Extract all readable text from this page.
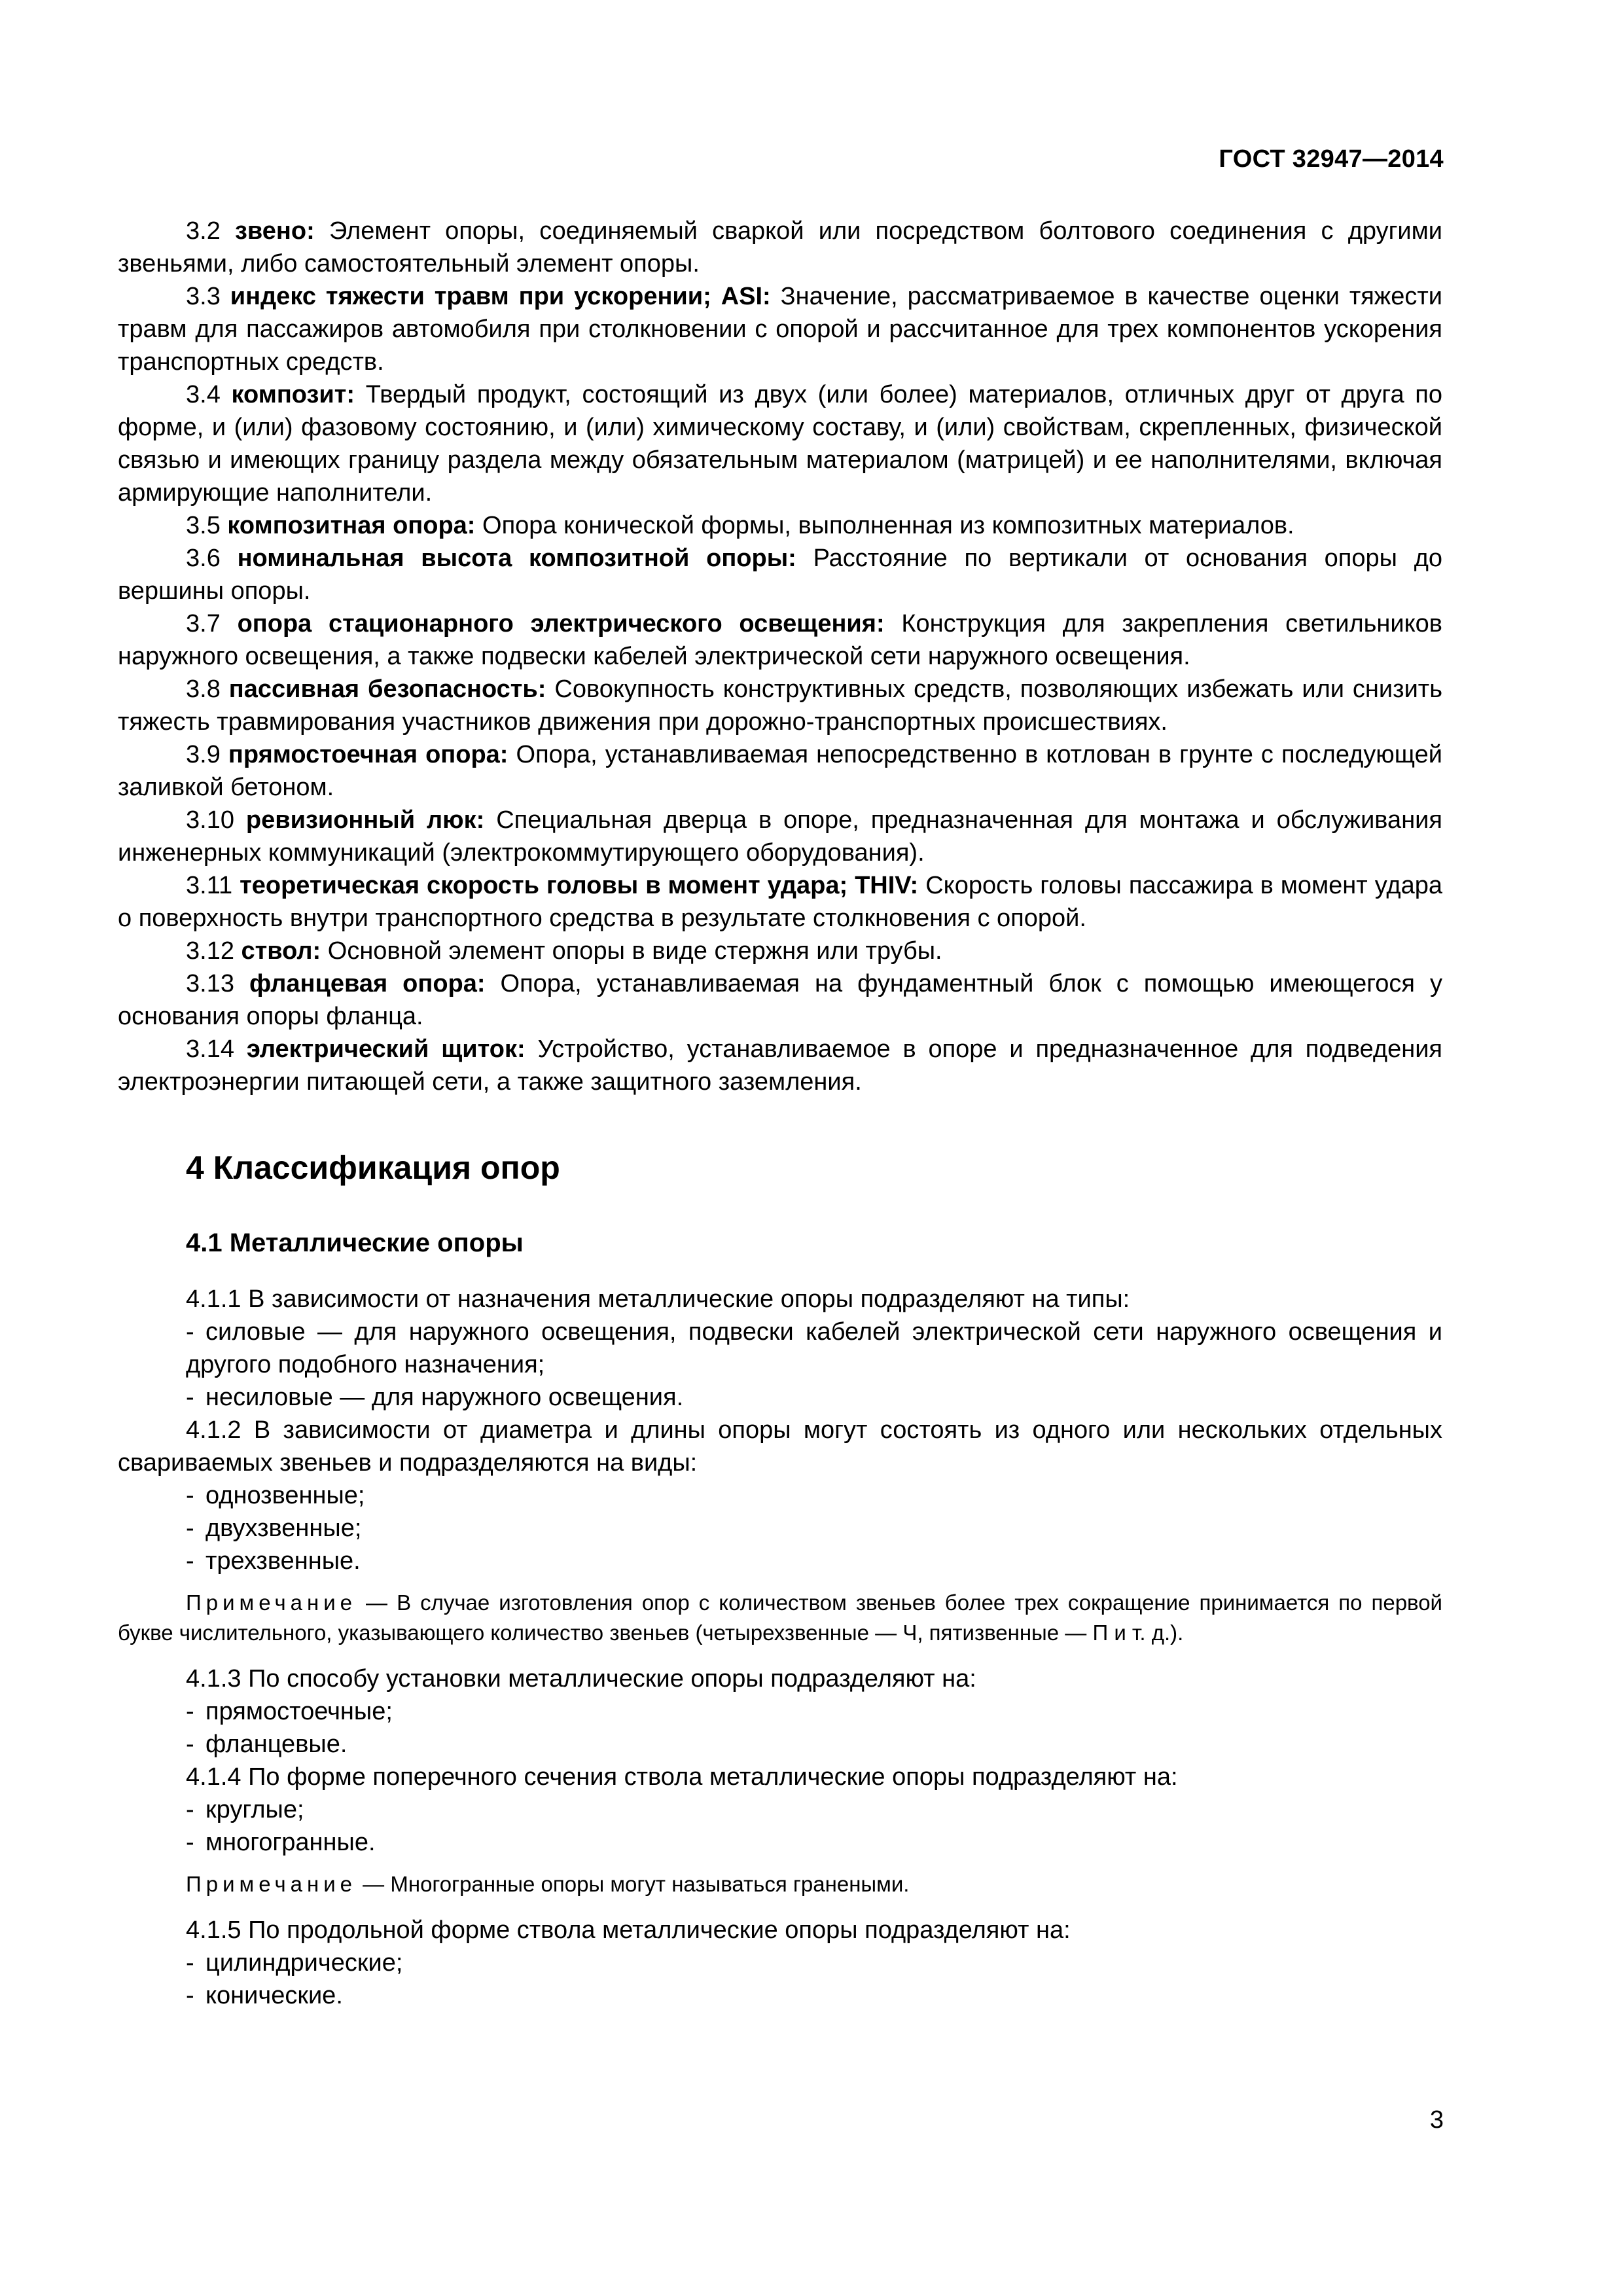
ГОСТ 32947—2014

3.2 звено: Элемент опоры, соединяемый сваркой или посредством болтового соединения с другими звеньями, либо самостоятельный элемент опоры.

3.3 индекс тяжести травм при ускорении; ASI: Значение, рассматриваемое в качестве оценки тяжести травм для пассажиров автомобиля при столкновении с опорой и рассчитанное для трех компонентов ускорения транспортных средств.

3.4 композит: Твердый продукт, состоящий из двух (или более) материалов, отличных друг от друга по форме, и (или) фазовому состоянию, и (или) химическому составу, и (или) свойствам, скрепленных, физической связью и имеющих границу раздела между обязательным материалом (матрицей) и ее наполнителями, включая армирующие наполнители.

3.5 композитная опора: Опора конической формы, выполненная из композитных материалов.

3.6 номинальная высота композитной опоры: Расстояние по вертикали от основания опоры до вершины опоры.

3.7 опора стационарного электрического освещения: Конструкция для закрепления светильников наружного освещения, а также подвески кабелей электрической сети наружного освещения.

3.8 пассивная безопасность: Совокупность конструктивных средств, позволяющих избежать или снизить тяжесть травмирования участников движения при дорожно-транспортных происшествиях.

3.9 прямостоечная опора: Опора, устанавливаемая непосредственно в котлован в грунте с последующей заливкой бетоном.

3.10 ревизионный люк: Специальная дверца в опоре, предназначенная для монтажа и обслуживания инженерных коммуникаций (электрокоммутирующего оборудования).

3.11 теоретическая скорость головы в момент удара; THIV: Скорость головы пассажира в момент удара о поверхность внутри транспортного средства в результате столкновения с опорой.

3.12 ствол: Основной элемент опоры в виде стержня или трубы.

3.13 фланцевая опора: Опора, устанавливаемая на фундаментный блок с помощью имеющегося у основания опоры фланца.

3.14 электрический щиток: Устройство, устанавливаемое в опоре и предназначенное для подведения электроэнергии питающей сети, а также защитного заземления.

4 Классификация опор
4.1 Металлические опоры

4.1.1 В зависимости от назначения металлические опоры подразделяют на типы:

- силовые — для наружного освещения, подвески кабелей электрической сети наружного освещения и другого подобного назначения;
- несиловые — для наружного освещения.

4.1.2 В зависимости от диаметра и длины опоры могут состоять из одного или нескольких отдельных свариваемых звеньев и подразделяются на виды:

- однозвенные;
- двухзвенные;
- трехзвенные.

Примечание — В случае изготовления опор с количеством звеньев более трех сокращение принимается по первой букве числительного, указывающего количество звеньев (четырехзвенные — Ч, пятизвенные — П и т. д.).

4.1.3 По способу установки металлические опоры подразделяют на:

- прямостоечные;
- фланцевые.

4.1.4 По форме поперечного сечения ствола металлические опоры подразделяют на:

- круглые;
- многогранные.

Примечание — Многогранные опоры могут называться гранеными.

4.1.5 По продольной форме ствола металлические опоры подразделяют на:

- цилиндрические;
- конические.
3
